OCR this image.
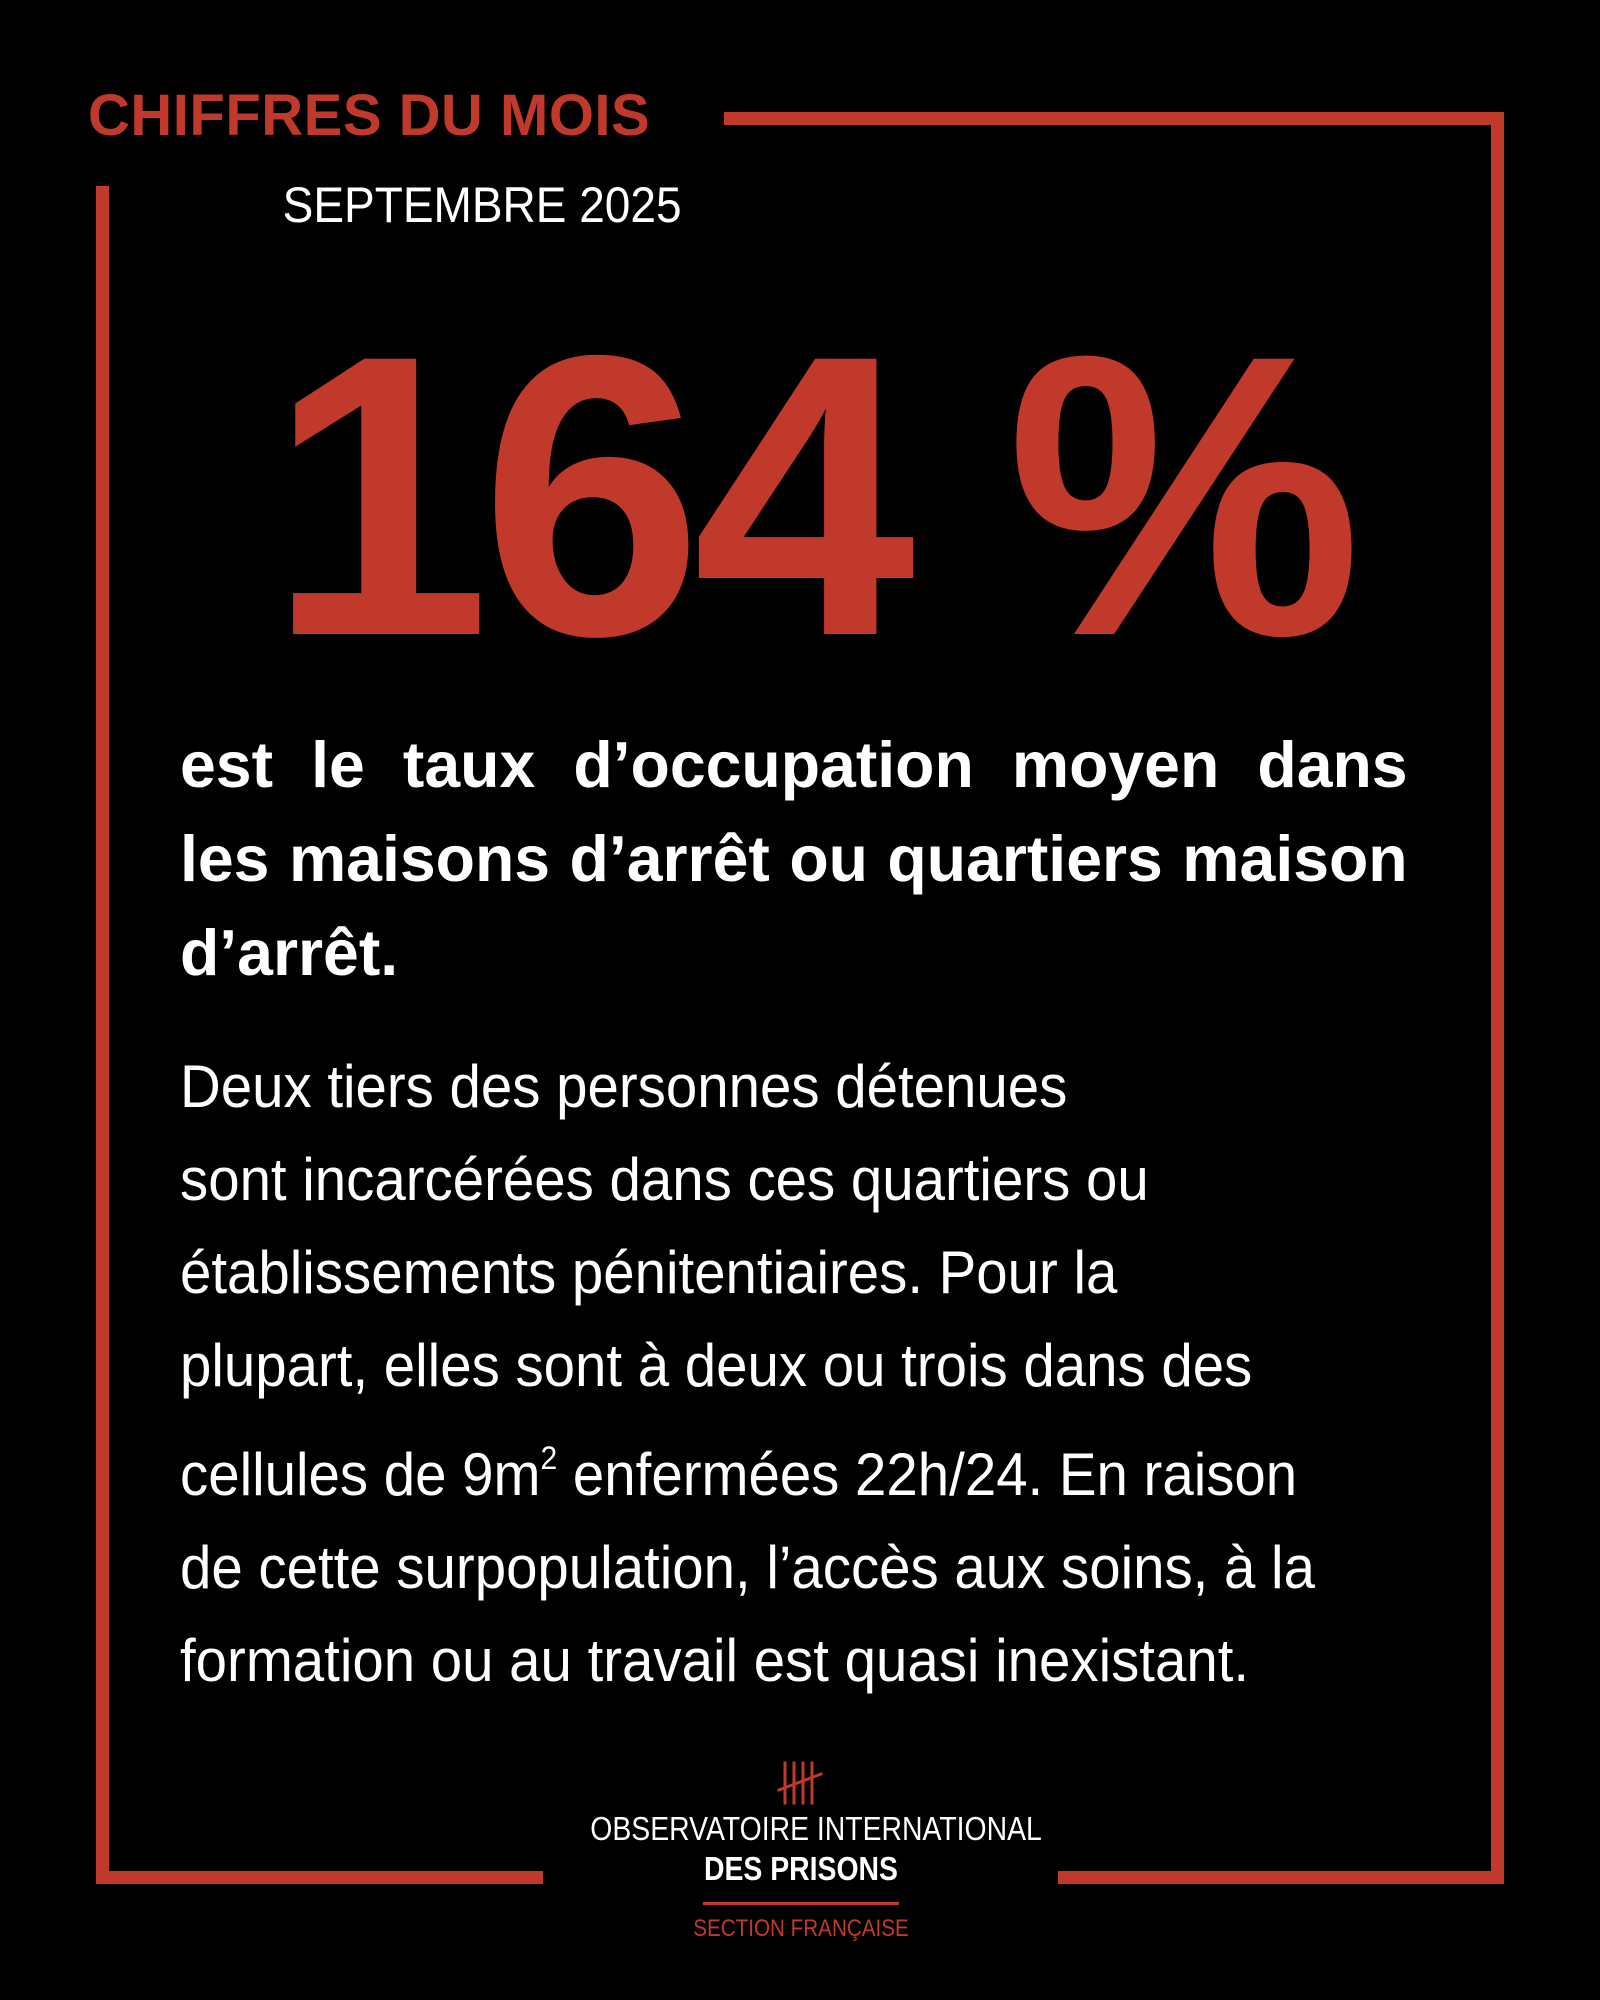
CHIFFRES DU MOIS
SEPTEMBRE 2025
164 %
est le taux d’occupation moyen dans les maisons d’arrêt ou quartiers maison d’arrêt.
Deux tiers des personnes détenues
sont incarcérées dans ces quartiers ou
établissements pénitentiaires. Pour la
plupart, elles sont à deux ou trois dans des
cellules de $9m^2$ enfermées 22h/24. En raison
de cette surpopulation, l’accès aux soins, à la
formation ou au travail est quasi inexistant.
OBSERVATOIRE INTERNATIONAL
DES PRISONS
SECTION FRANÇAISE
